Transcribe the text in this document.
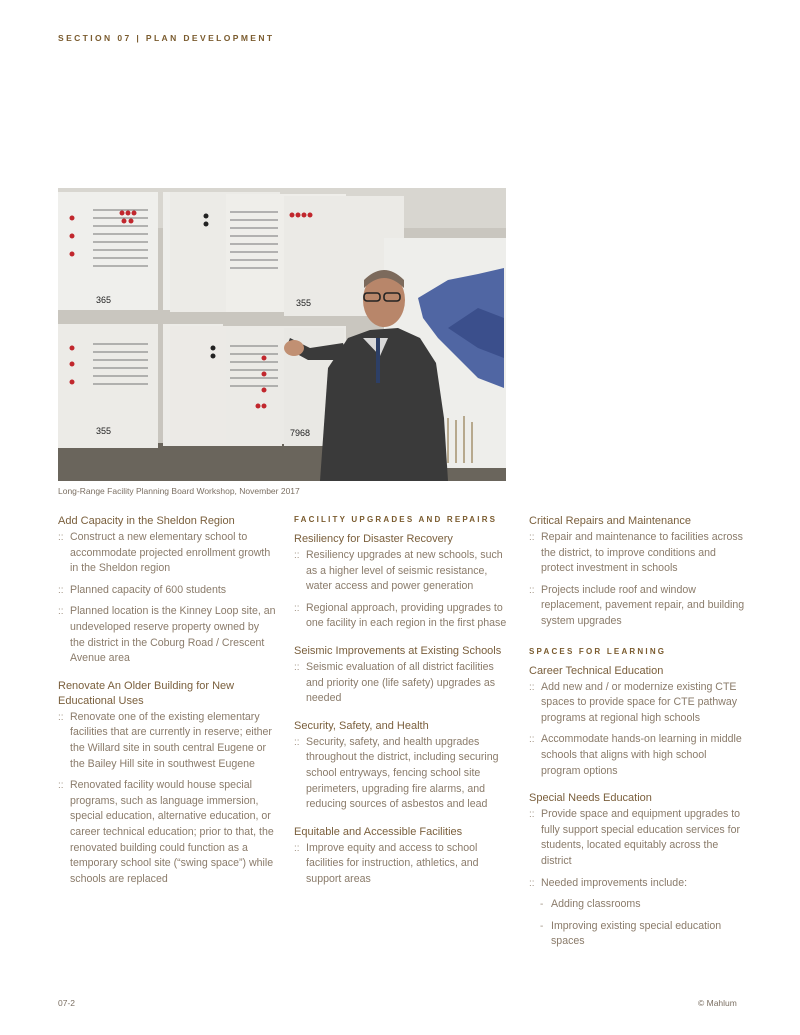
SECTION 07 | PLAN DEVELOPMENT
365	355
355	7968
Long-Range Facility Planning Board Workshop, November 2017
Add Capacity in the Sheldon Region
:: Construct a new elementary school to accommodate projected enrollment growth in the Sheldon region
:: Planned capacity of 600 students
:: Planned location is the Kinney Loop site, an undeveloped reserve property owned by the district in the Coburg Road / Crescent Avenue area
Renovate An Older Building for New Educational Uses
:: Renovate one of the existing elementary facilities that are currently in reserve; either the Willard site in south central Eugene or the Bailey Hill site in southwest Eugene
:: Renovated facility would house special programs, such as language immersion, special education, alternative education, or career technical education; prior to that, the renovated building could function as a temporary school site (“swing space”) while schools are replaced
FACILITY UPGRADES AND REPAIRS
Resiliency for Disaster Recovery
:: Resiliency upgrades at new schools, such as a higher level of seismic resistance, water access and power generation
:: Regional approach, providing upgrades to one facility in each region in the first phase
Seismic Improvements at Existing Schools
:: Seismic evaluation of all district facilities and priority one (life safety) upgrades as needed
Security, Safety, and Health
:: Security, safety, and health upgrades throughout the district, including securing school entryways, fencing school site perimeters, upgrading fire alarms, and reducing sources of asbestos and lead
Equitable and Accessible Facilities
:: Improve equity and access to school facilities for instruction, athletics, and support areas
Critical Repairs and Maintenance
:: Repair and maintenance to facilities across the district, to improve conditions and protect investment in schools
:: Projects include roof and window replacement, pavement repair, and building system upgrades
SPACES FOR LEARNING
Career Technical Education
:: Add new and / or modernize existing CTE spaces to provide space for CTE pathway programs at regional high schools
:: Accommodate hands-on learning in middle schools that aligns with high school program options
Special Needs Education
:: Provide space and equipment upgrades to fully support special education services for students, located equitably across the district
:: Needed improvements include:
- Adding classrooms
- Improving existing special education spaces
07-2	© Mahlum
